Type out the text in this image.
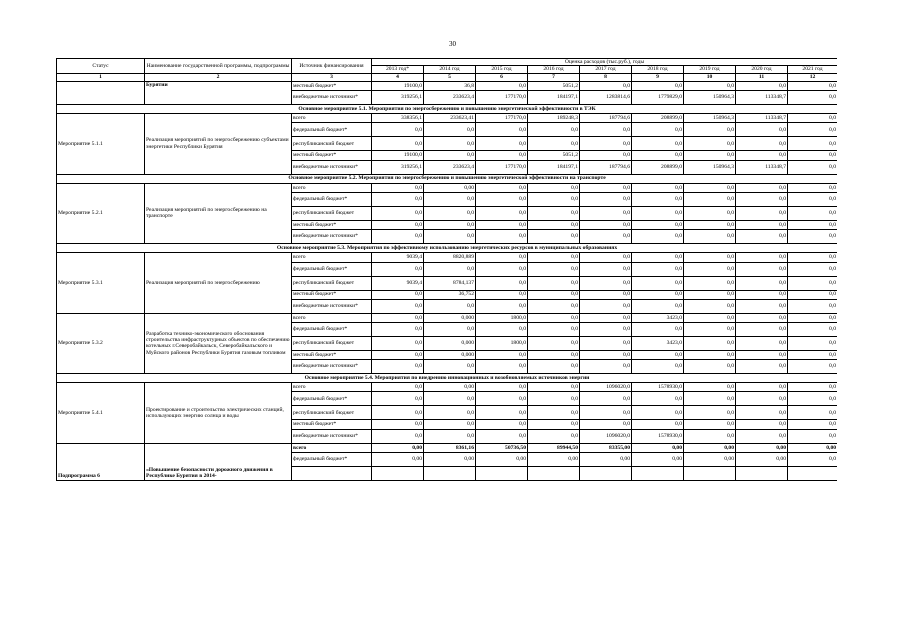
30
Статус	Наименование государственной программы, подпрограммы	Источник финансирования	Оценка расходов (тыс.руб.), годы								
			2013 год*	2014 год	2015 год	2016 год	2017 год	2018 год	2019 год	2020 год	2021 год
1	2	3	4	5	6	7	8	9	10	11	12
	Бурятии	местный бюджет*	19100,0	36,8	0,0	5051,2	0,0	0,0	0,0	0,0	0,0
		внебюджетные источники*	319256,1	233623,4	177170,0	184197,1	1283814,6	1779829,0	150964,3	113348,7	0,0
Основное мероприятие 5.1. Мероприятия по энергосбережению и повышению энергетической эффективности в ТЭК											
Мероприятие 5.1.1	Реализация мероприятий по энергосбережению субъектами энергетики Республики Бурятия	всего	338356,1	233623,41	177170,0	189248,3	187794,6	208899,0	150964,3	113348,7	0,0
		федеральный бюджет*	0,0	0,0	0,0	0,0	0,0	0,0	0,0	0,0	0,0
		республиканский бюджет	0,0	0,0	0,0	0,0	0,0	0,0	0,0	0,0	0,0
		местный бюджет*	19100,0	0,0	0,0	5051,2	0,0	0,0	0,0	0,0	0,0
		внебюджетные источники*	319256,1	233623,4	177170,0	184197,1	187794,6	208899,0	150964,3	113348,7	0,0
Основное мероприятие 5.2. Мероприятия по энергосбережению и повышению энергетической эффективности на транспорте											
Мероприятие 5.2.1	Реализация мероприятий по энергосбережению на транспорте	всего	0,0	0,00	0,0	0,0	0,0	0,0	0,0	0,0	0,0
		федеральный бюджет*	0,0	0,0	0,0	0,0	0,0	0,0	0,0	0,0	0,0
		республиканский бюджет	0,0	0,0	0,0	0,0	0,0	0,0	0,0	0,0	0,0
		местный бюджет*	0,0	0,0	0,0	0,0	0,0	0,0	0,0	0,0	0,0
		внебюджетные источники*	0,0	0,0	0,0	0,0	0,0	0,0	0,0	0,0	0,0
Основное мероприятие 5.3. Мероприятия по эффективному использованию энергетических ресурсов в муниципальных образованиях											
Мероприятие 5.3.1	Реализация мероприятий по энергосбережению	всего	9039,4	8820,889	0,0	0,0	0,0	0,0	0,0	0,0	0,0
		федеральный бюджет*	0,0	0,0	0,0	0,0	0,0	0,0	0,0	0,0	0,0
		республиканский бюджет	9039,4	8784,137	0,0	0,0	0,0	0,0	0,0	0,0	0,0
		местный бюджет*	0,0	36,752	0,0	0,0	0,0	0,0	0,0	0,0	0,0
		внебюджетные источники*	0,0	0,0	0,0	0,0	0,0	0,0	0,0	0,0	0,0
Мероприятие 5.3.2	Разработка технико-экономического обоснования строительства инфраструктурных объектов по обеспечению котельных г.Северобайкальск, Северобайкальского и Муйского районов Республики Бурятия газовым топливом	всего	0,0	0,000	1800,0	0,0	0,0	3423,0	0,0	0,0	0,0
		федеральный бюджет*	0,0	0,0	0,0	0,0	0,0	0,0	0,0	0,0	0,0
		республиканский бюджет	0,0	0,000	1800,0	0,0	0,0	3423,0	0,0	0,0	0,0
		местный бюджет*	0,0	0,000	0,0	0,0	0,0	0,0	0,0	0,0	0,0
		внебюджетные источники*	0,0	0,0	0,0	0,0	0,0	0,0	0,0	0,0	0,0
Основное мероприятие 5.4. Мероприятия по внедрению инновационных и возобновляемых источников энергии											
Мероприятие 5.4.1	Проектирование и строительство электрических станций, использующих энергию солнца и воды	всего	0,0	0,00	0,0	0,0	1096020,0	1578930,0	0,0	0,0	0,0
		федеральный бюджет*	0,0	0,0	0,0	0,0	0,0	0,0	0,0	0,0	0,0
		республиканский бюджет	0,0	0,0	0,0	0,0	0,0	0,0	0,0	0,0	0,0
		местный бюджет*	0,0	0,0	0,0	0,0	0,0	0,0	0,0	0,0	0,0
		внебюджетные источники*	0,0	0,0	0,0	0,0	1096020,0	1578930,0	0,0	0,0	0,0
Подпрограмма 6	«Повышение безопасности дорожного движения в Республике Бурятия в 2014-	всего	0,00	8361,16	50736,50	89944,50	83355,00	0,00	0,00	0,00	0,00
		федеральный бюджет*	0,00	0,00	0,00	0,00	0,00	0,00	0,00	0,00	0,0
